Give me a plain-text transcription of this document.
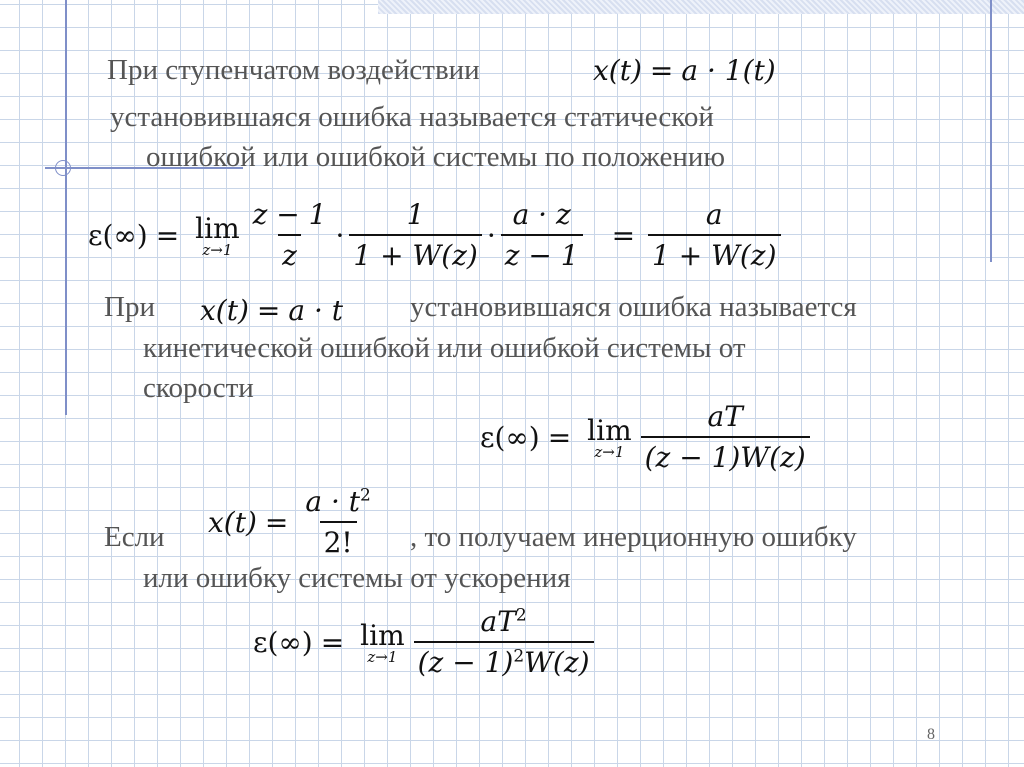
При ступенчатом воздействии	x(t) = a · 1(t)
установившаяся ошибка называется статической
ошибкой или ошибкой системы по положению
ε(∞) = lim
$z\to 1 \frac{z - 1}{z} \cdot \frac{1}{1 + W(z)} \cdot \frac{a \cdot z}{z - 1} = \frac{a}{1 + W(z)}$
При x(t) = a · t установившаяся ошибка называется
кинетической ошибкой или ошибкой системы от
скорости
ε(∞) = lim
$z\to 1 \frac{aT}{(z - 1)W(z)}$
Если $x(t) = \frac{a \cdot t^2}{2!}$ , то получаем инерционную ошибку
или ошибку системы от ускорения
ε(∞) = lim
$z\to 1 \frac{aT^2}{(z - 1)^2W(z)}$
8
